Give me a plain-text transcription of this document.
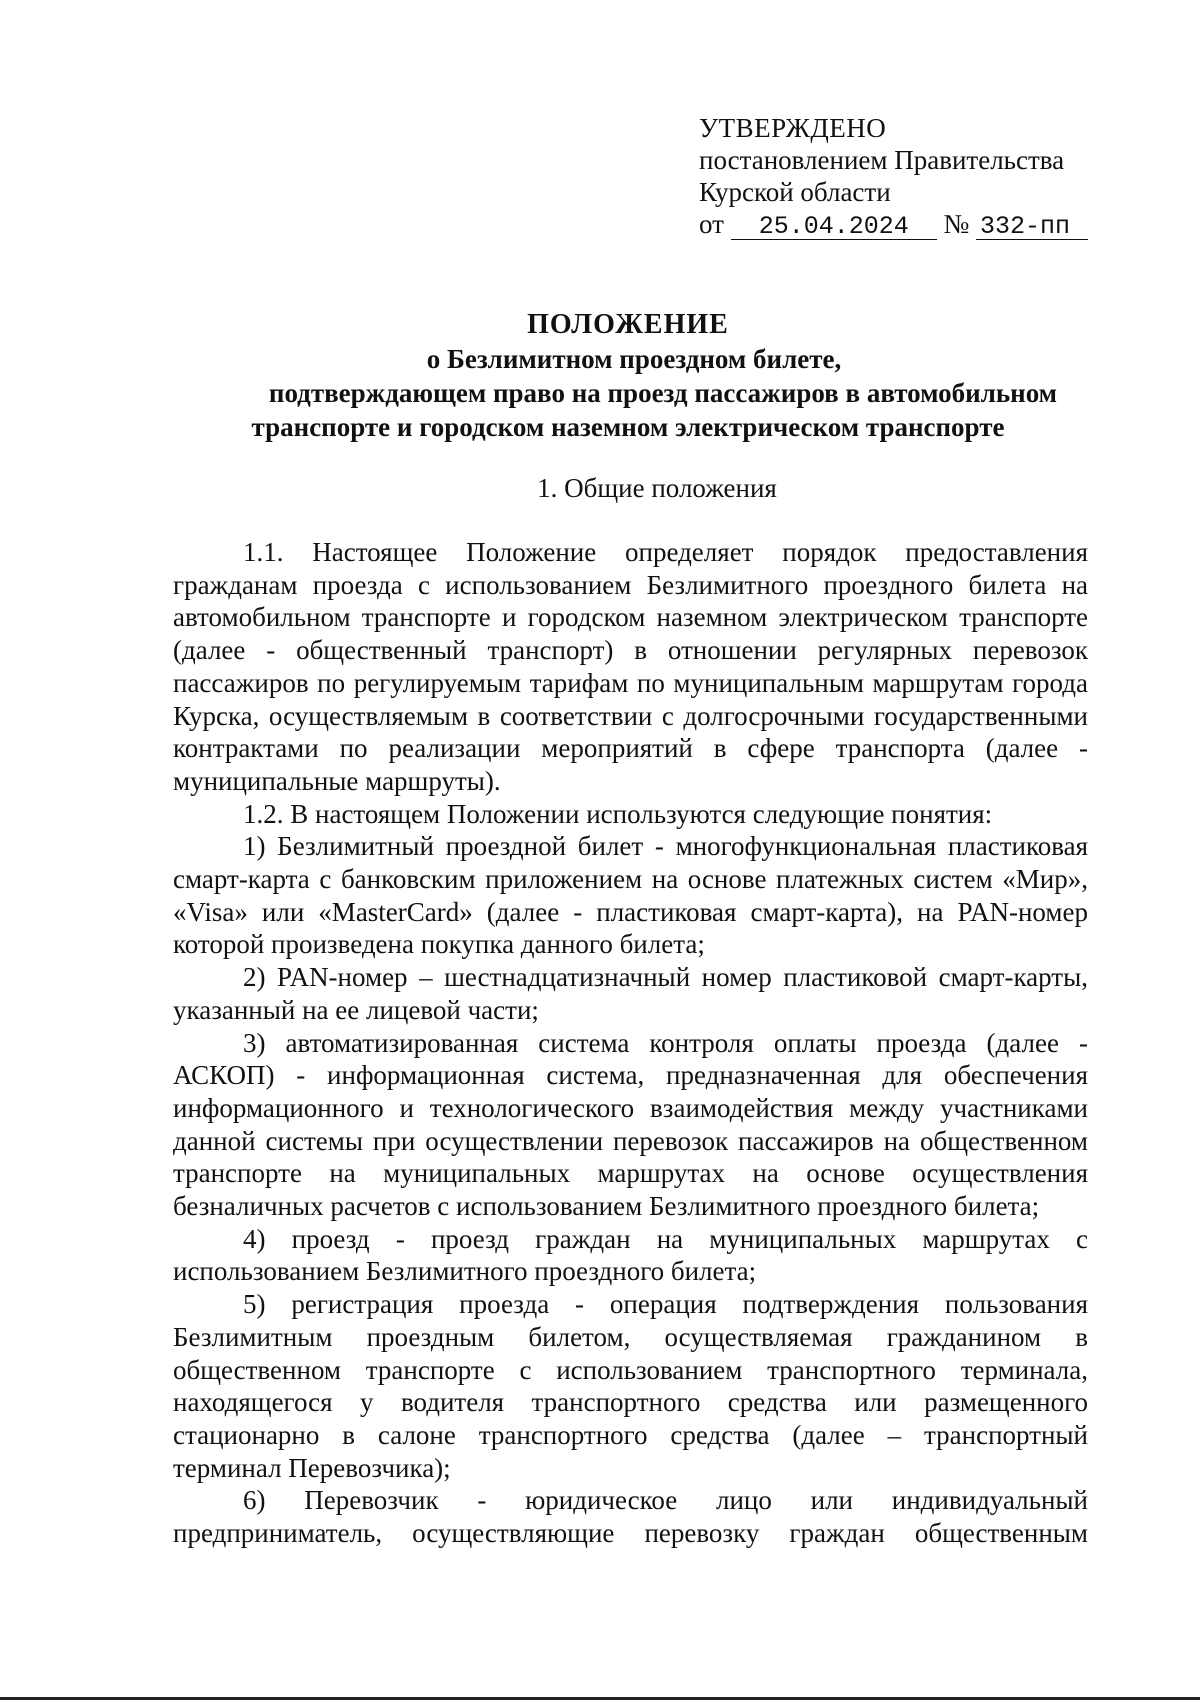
УТВЕРЖДЕНО
постановлением Правительства
Курской области
от 25.04.2024 № 332-пп
ПОЛОЖЕНИЕ
о Безлимитном проездном билете,
подтверждающем право на проезд пассажиров в автомобильном
транспорте и городском наземном электрическом транспорте
1. Общие положения

1.1. Настоящее Положение определяет порядок предоставления гражданам проезда с использованием Безлимитного проездного билета на автомобильном транспорте и городском наземном электрическом транспорте (далее - общественный транспорт) в отношении регулярных перевозок пассажиров по регулируемым тарифам по муниципальным маршрутам города Курска, осуществляемым в соответствии с долгосрочными государственными контрактами по реализации мероприятий в сфере транспорта (далее - муниципальные маршруты).

1.2. В настоящем Положении используются следующие понятия:

1) Безлимитный проездной билет - многофункциональная пластиковая смарт-карта с банковским приложением на основе платежных систем «Мир», «Visa» или «MasterCard» (далее - пластиковая смарт-карта), на PAN-номер которой произведена покупка данного билета;

2) PAN-номер – шестнадцатизначный номер пластиковой смарт-карты, указанный на ее лицевой части;

3) автоматизированная система контроля оплаты проезда (далее - АСКОП) - информационная система, предназначенная для обеспечения информационного и технологического взаимодействия между участниками данной системы при осуществлении перевозок пассажиров на общественном транспорте на муниципальных маршрутах на основе осуществления безналичных расчетов с использованием Безлимитного проездного билета;

4) проезд - проезд граждан на муниципальных маршрутах с использованием Безлимитного проездного билета;

5) регистрация проезда - операция подтверждения пользования Безлимитным проездным билетом, осуществляемая гражданином в общественном транспорте с использованием транспортного терминала, находящегося у водителя транспортного средства или размещенного стационарно в салоне транспортного средства (далее – транспортный терминал Перевозчика);

6) Перевозчик - юридическое лицо или индивидуальный предприниматель, осуществляющие перевозку граждан общественным
